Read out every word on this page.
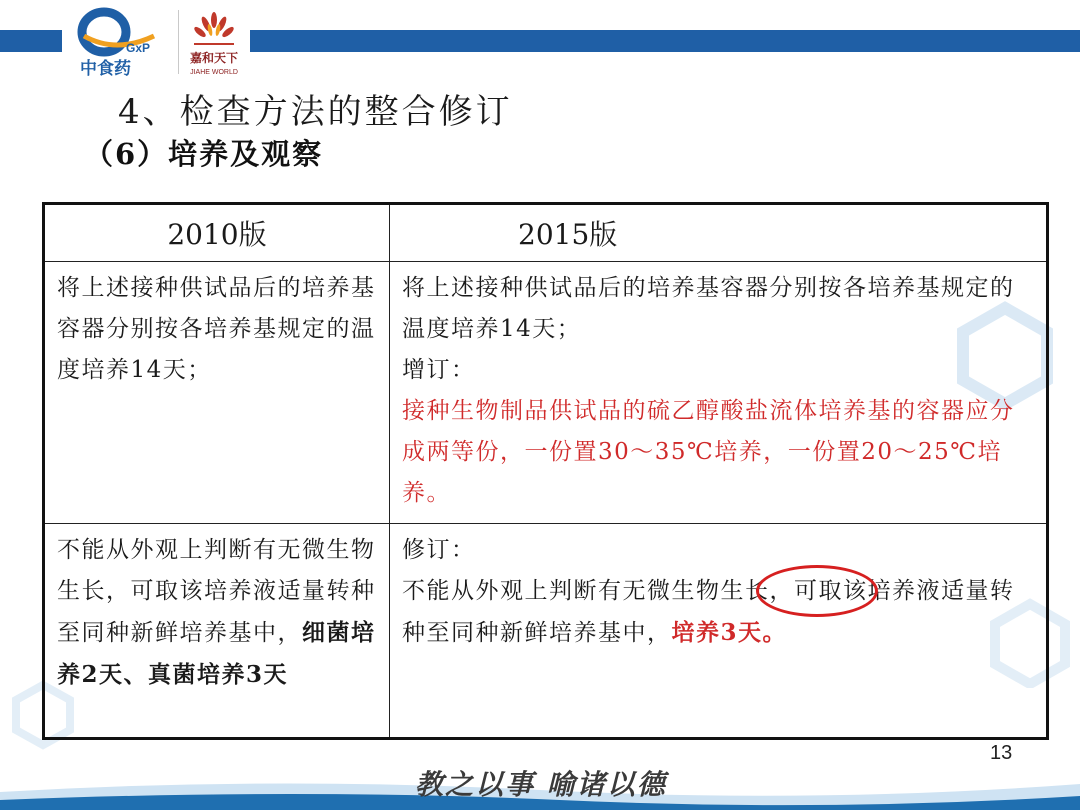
GxP
中食药
嘉和天下
JIAHE WORLD
4、检查方法的整合修订
（6）培养及观察
2010版	2015版
将上述接种供试品后的培养基容器分别按各培养基规定的温度培养14天；	将上述接种供试品后的培养基容器分别按各培养基规定的温度培养14天；
增订：
接种生物制品供试品的硫乙醇酸盐流体培养基的容器应分成两等份，一份置30～35℃培养，一份置20～25℃培养。
不能从外观上判断有无微生物生长，可取该培养液适量转种至同种新鲜培养基中，细菌培养2天、真菌培养3天	修订：
不能从外观上判断有无微生物生长
，可取该培养液适量转种至同种新鲜培养基中，培养3天。
13
教之以事 喻诸以德
